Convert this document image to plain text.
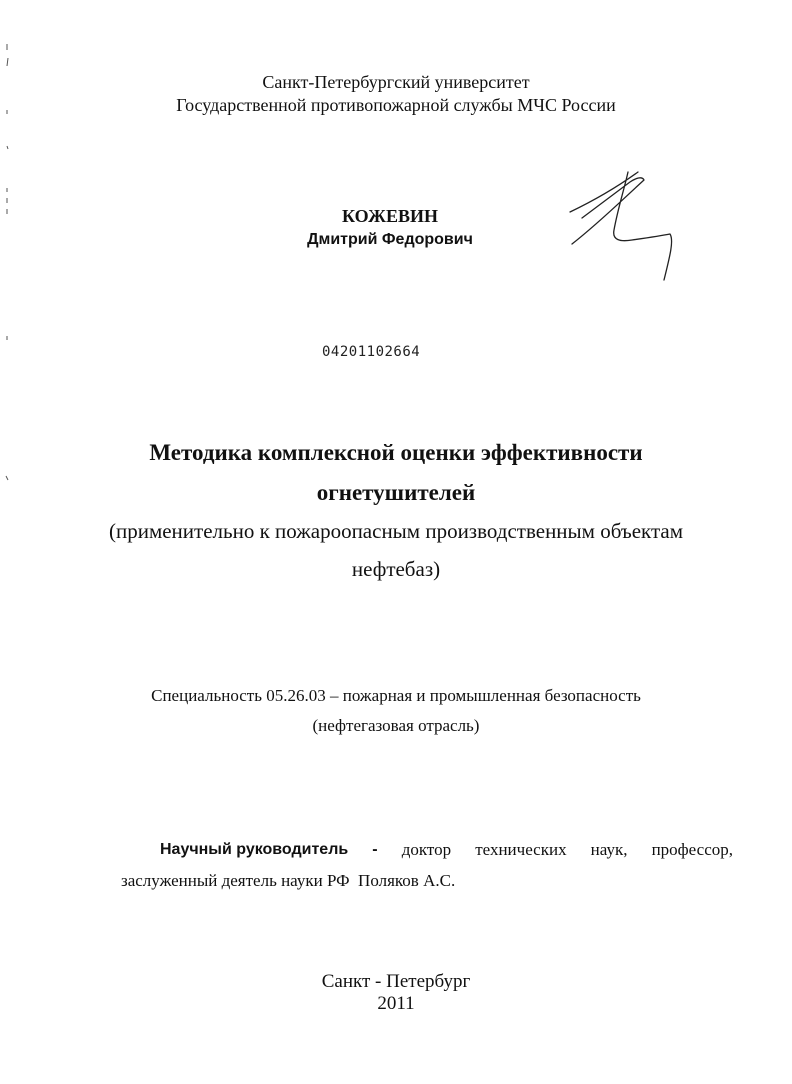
Санкт-Петербургский университет
Государственной противопожарной службы МЧС России
КОЖЕВИН
Дмитрий Федорович
04201102664
Методика комплексной оценки эффективности
огнетушителей
(применительно к пожароопасным производственным объектам
нефтебаз)
Специальность 05.26.03 – пожарная и промышленная безопасность
(нефтегазовая отрасль)
Научный руководитель - доктор технических наук, профессор,
заслуженный деятель науки РФ  Поляков А.С.
Санкт - Петербург
2011
